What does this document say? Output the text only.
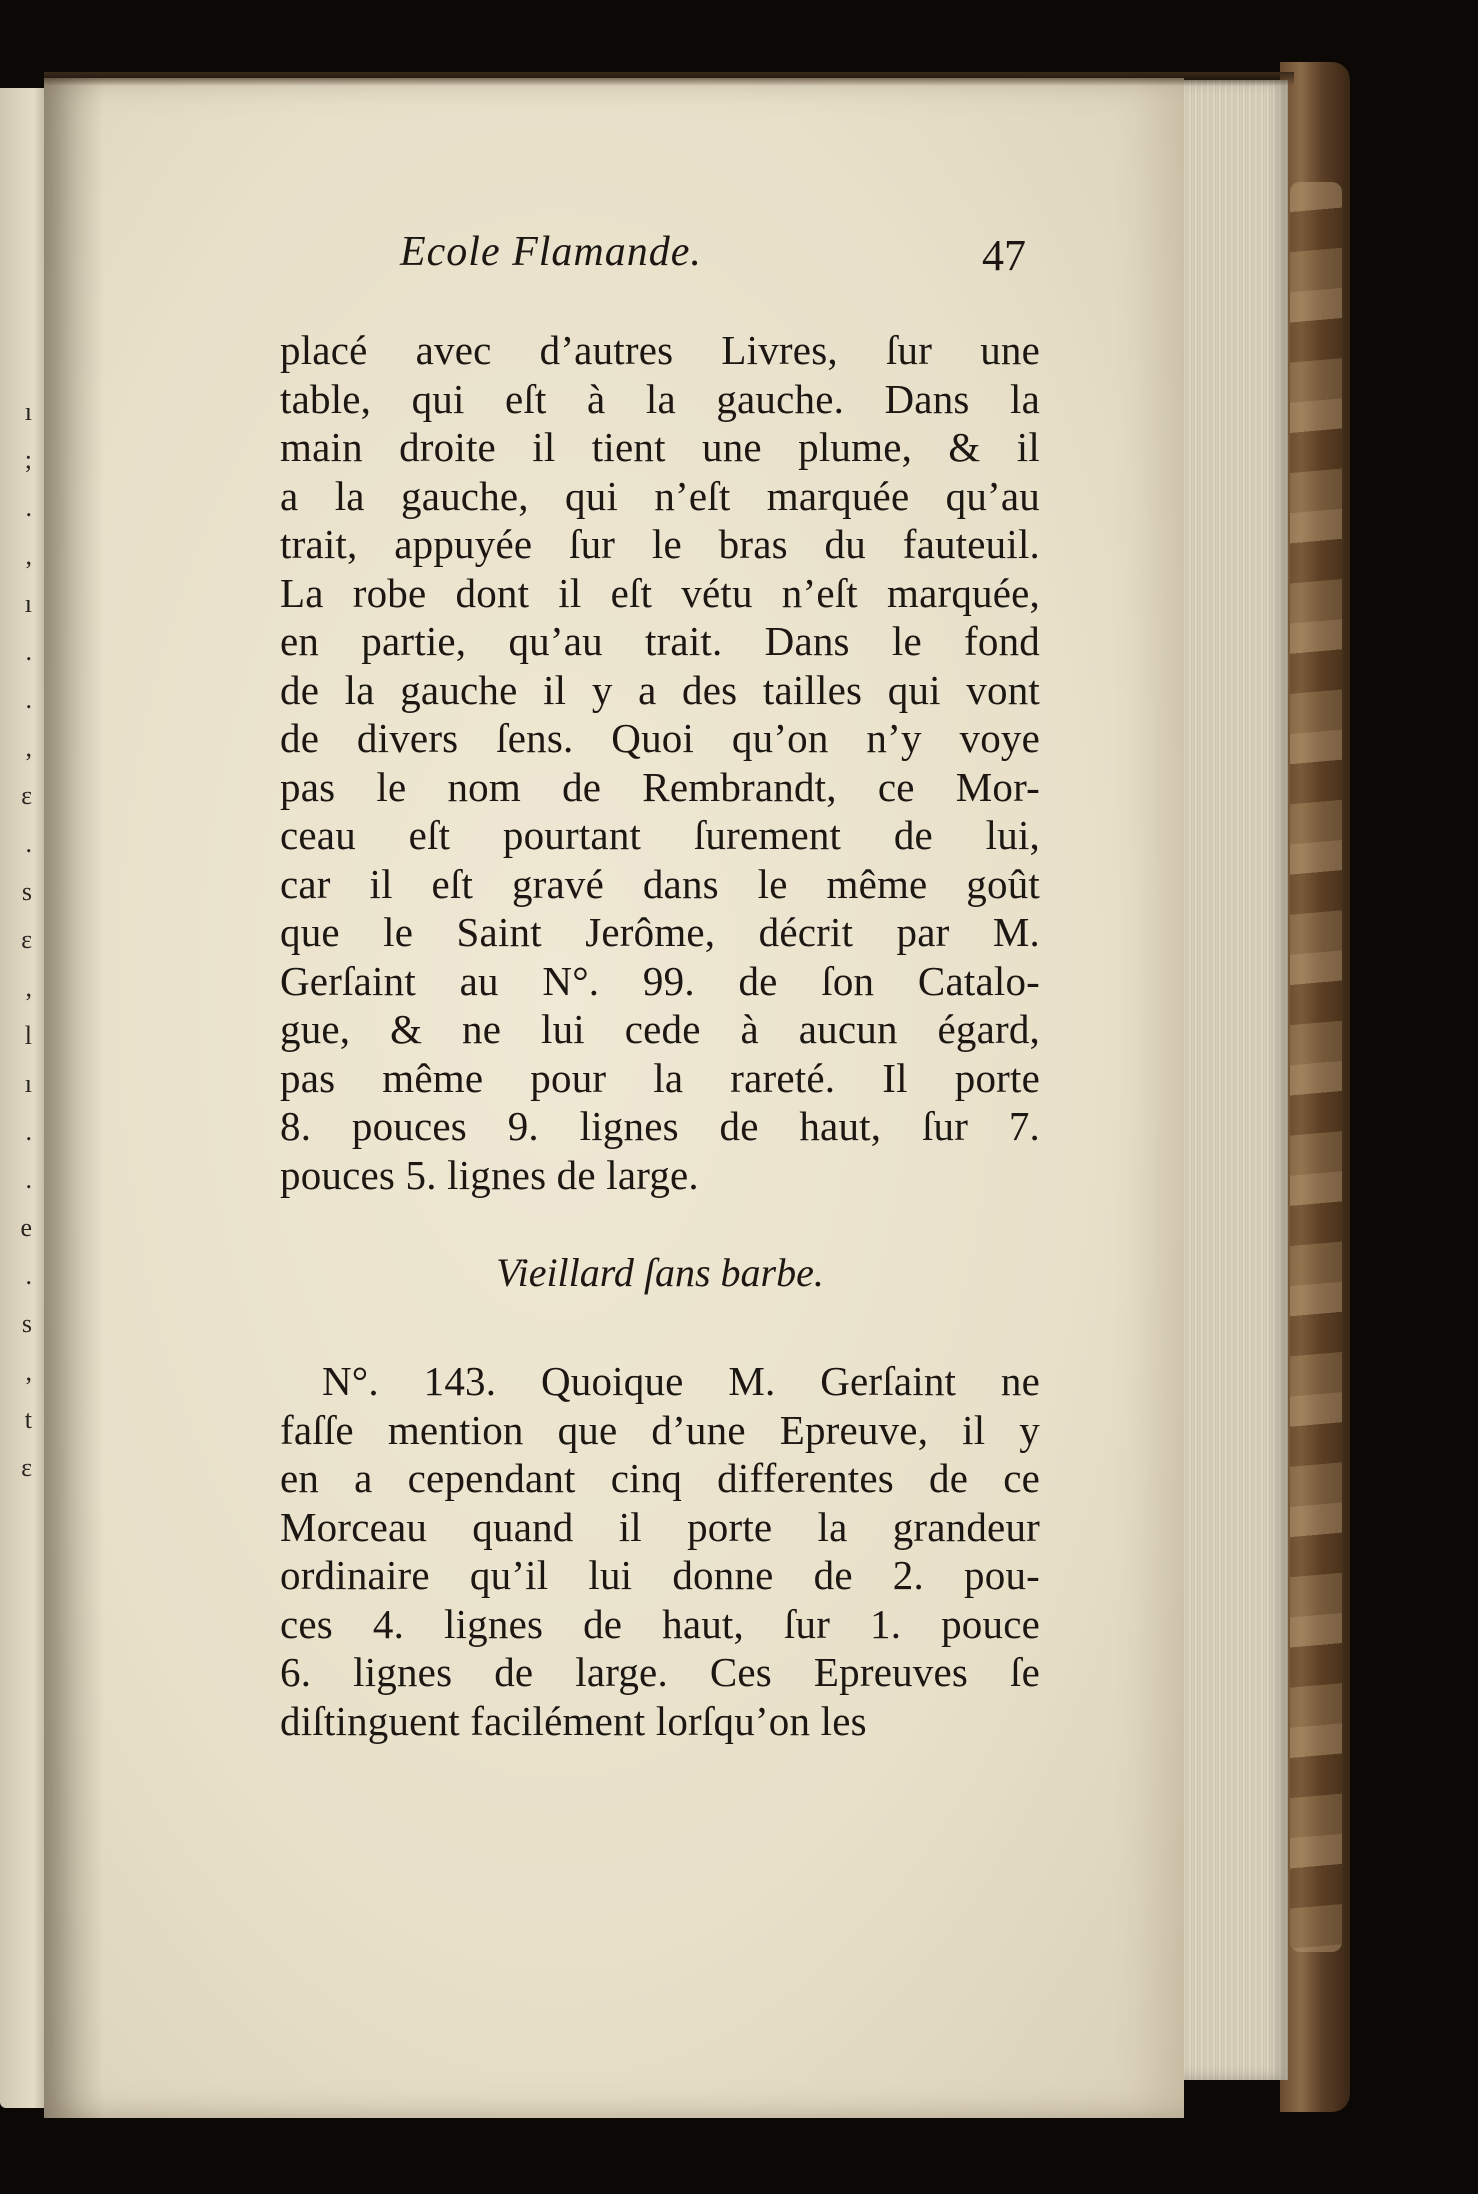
ı
;
.
,
ı
.
.
,
ɛ
.
s
ɛ
,
l
ı
.
.
e
.
s
,
t
ɛ
Ecole Flamande.	47
placé avec d’autres Livres, ſur une
table, qui eſt à la gauche. Dans la
main droite il tient une plume, & il
a la gauche, qui n’eſt marquée qu’au
trait, appuyée ſur le bras du fauteuil.
La robe dont il eſt vétu n’eſt marquée,
en partie, qu’au trait. Dans le fond
de la gauche il y a des tailles qui vont
de divers ſens. Quoi qu’on n’y voye
pas le nom de Rembrandt, ce Mor-
ceau eſt pourtant ſurement de lui,
car il eſt gravé dans le même goût
que le Saint Jerôme, décrit par M.
Gerſaint au N°. 99. de ſon Catalo-
gue, & ne lui cede à aucun égard,
pas même pour la rareté. Il porte
8. pouces 9. lignes de haut, ſur 7.
pouces 5. lignes de large.
Vieillard ſans barbe.
N°. 143. Quoique M. Gerſaint ne
faſſe mention que d’une Epreuve, il y
en a cependant cinq differentes de ce
Morceau quand il porte la grandeur
ordinaire qu’il lui donne de 2. pou-
ces 4. lignes de haut, ſur 1. pouce
6. lignes de large. Ces Epreuves ſe
diſtinguent facilément lorſqu’on les
